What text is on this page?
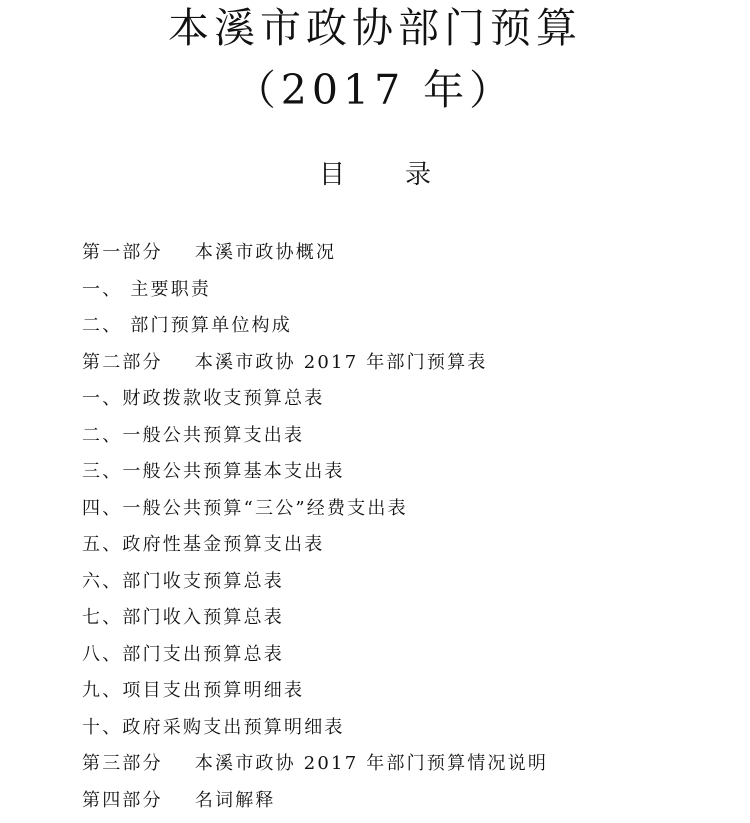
本溪市政协部门预算
（2017 年）
目 录
第一部分 本溪市政协概况
一、 主要职责
二、 部门预算单位构成
第二部分 本溪市政协 2017 年部门预算表
一、财政拨款收支预算总表
二、一般公共预算支出表
三、一般公共预算基本支出表
四、一般公共预算“三公”经费支出表
五、政府性基金预算支出表
六、部门收支预算总表
七、部门收入预算总表
八、部门支出预算总表
九、项目支出预算明细表
十、政府采购支出预算明细表
第三部分 本溪市政协 2017 年部门预算情况说明
第四部分 名词解释
